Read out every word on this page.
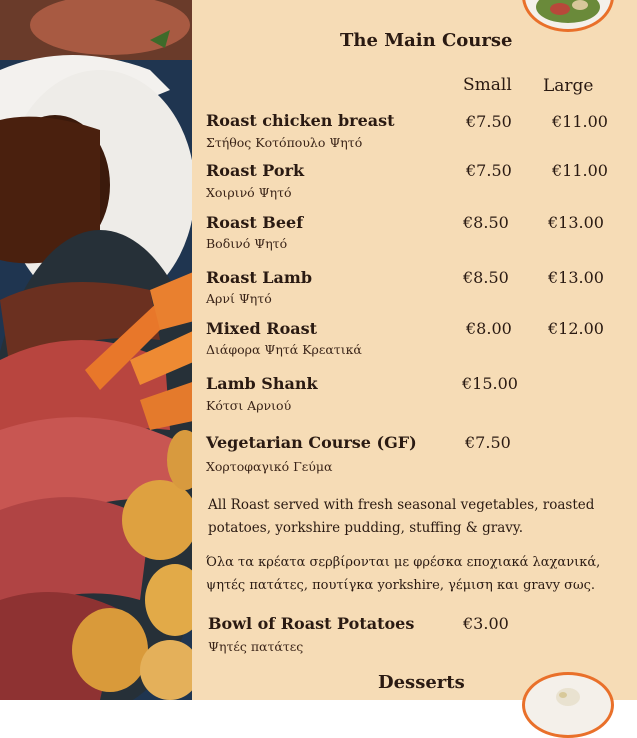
The Main Course
Small Large
Roast chicken breast
Στήθος Κοτόπουλο Ψητό
€7.50	€11.00
Roast Pork
Χοιρινό Ψητό
€7.50	€11.00
Roast Beef
Βοδινό Ψητό
€8.50 €13.00
Roast Lamb
Αρνί Ψητό
€8.50 €13.00
Mixed Roast
Διάφορα Ψητά Κρεατικά
€8.00 €12.00
Lamb Shank
Κότσι Αρνιού
€15.00
Vegetarian Course (GF)
Χορτοφαγικό Γεύμα
€7.50
All Roast served with fresh seasonal vegetables, roasted
potatoes, yorkshire pudding, stuffing & gravy.
Όλα τα κρέατα σερβίρονται με φρέσκα εποχιακά λαχανικά,
ψητές πατάτες, πουτίγκα yorkshire, γέμιση και gravy σως.
Bowl of Roast Potatoes
Ψητές πατάτες
€3.00
Desserts
